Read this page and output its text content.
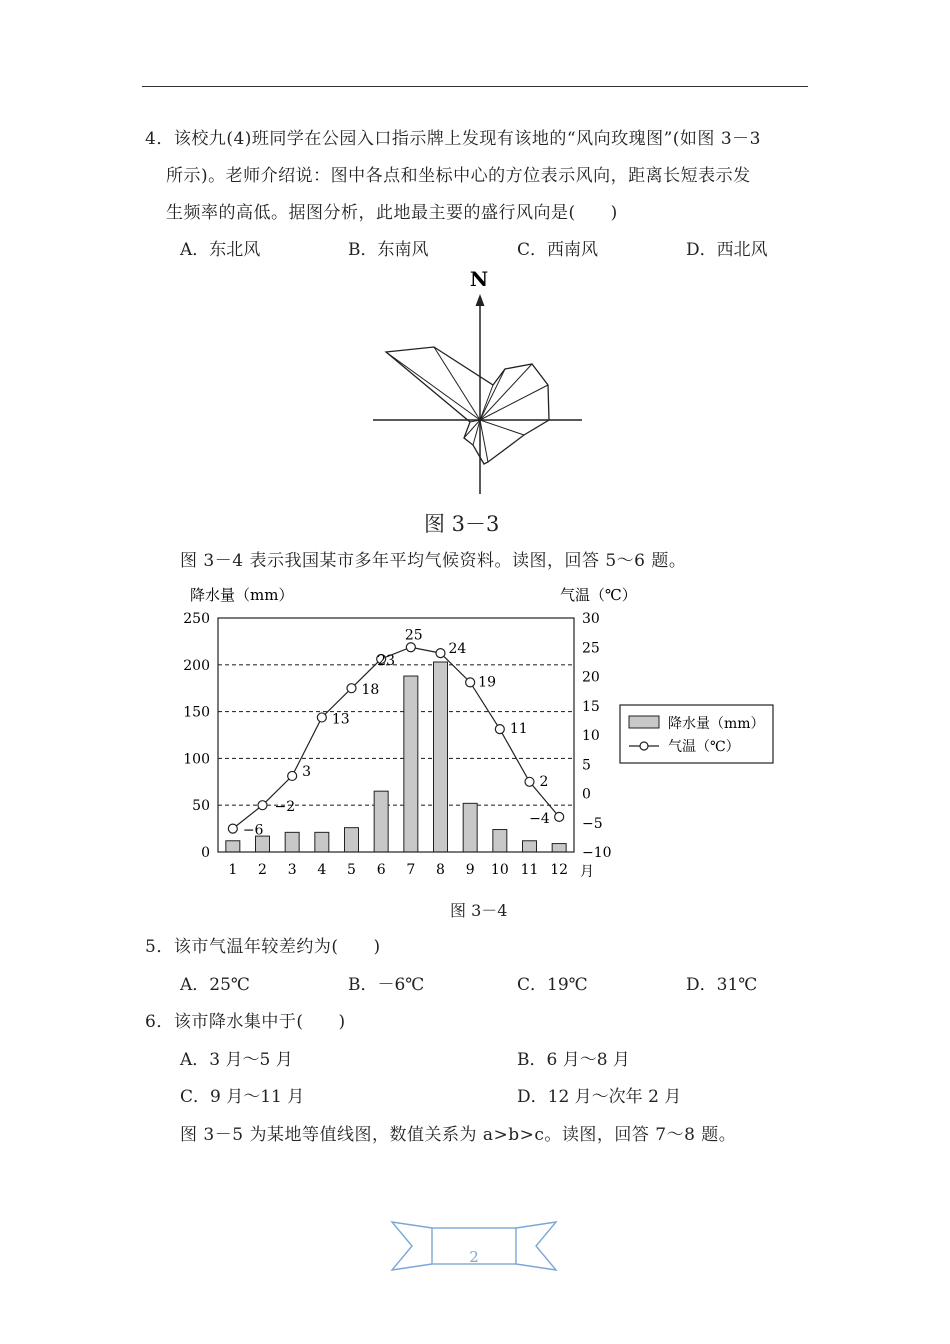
4．该校九(4)班同学在公园入口指示牌上发现有该地的“风向玫瑰图”(如图 3－3
所示)。老师介绍说：图中各点和坐标中心的方位表示风向，距离长短表示发
生频率的高低。据图分析，此地最主要的盛行风向是(　　)
A．东北风	B．东南风	C．西南风	D．西北风
N
图 3－3
图 3－4 表示我国某市多年平均气候资料。读图，回答 5～6 题。
降水量（mm）	气温（℃）
−6
−2
3
13
18
23
25
24
19
11
2
−4
0
50
100
150
200
250
−10
−5
0
5
10
15
20
25
30
1 2 3 4 5 6 7 8 9 10 11 12 月
降水量（mm）
气温（℃）
图 3－4
5．该市气温年较差约为(　　)
A．25℃	B．－6℃	C．19℃	D．31℃
6．该市降水集中于(　　)
A．3 月～5 月	B．6 月～8 月
C．9 月～11 月	D．12 月～次年 2 月
图 3－5 为某地等值线图，数值关系为 a>b>c。读图，回答 7～8 题。
2
